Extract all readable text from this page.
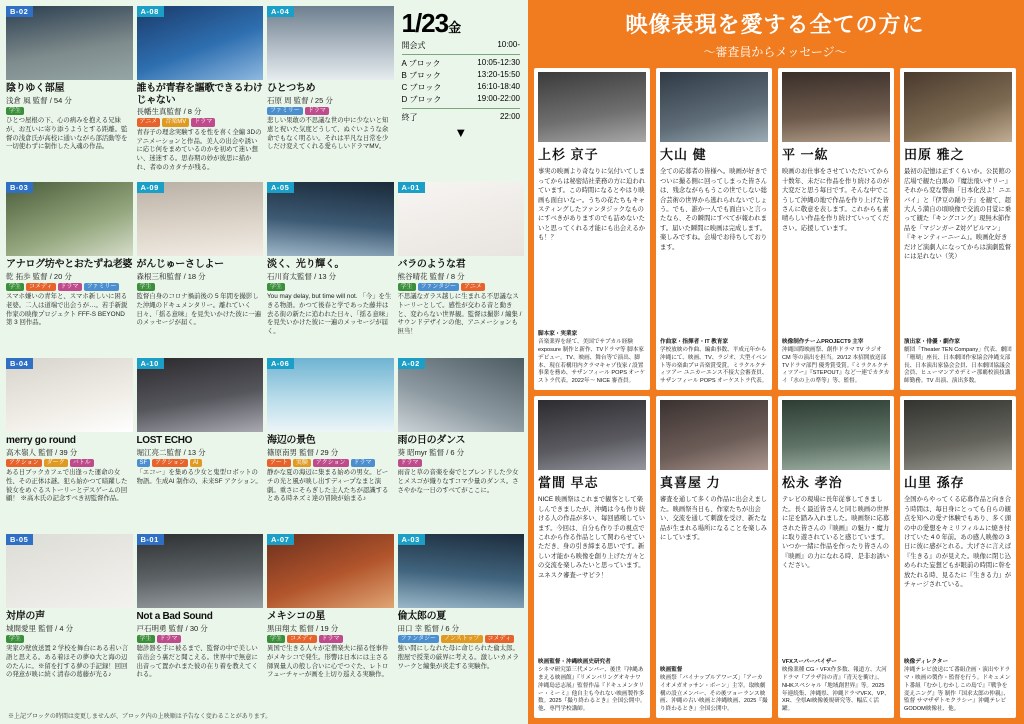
B-02
陰りゆく部屋
浅倉 風 監督 / 54 分
学生
ひとつ屋根の下、心の病みを抱える兄妹が、お互いに寄り添うようとする距離。監督の浅倉氏が高校に通いながら部活動等を一切使わずに制作した入魂の作品。
A-08
誰もが青春を謳歌できるわけじゃない
長幡生真監督 / 8 分
アニメ	音楽MV	ドラマ
青春子の理念実験するを性を喜く全編 3Dのアニメーションと作品。美人の出会や誘いに応じ何をまめているのかを初めて迷い想い、迷迷する。思春期の妙が彼思に描かれ、者ゆのカタチが残る。
A-04
ひとつちめ
石原 周 監督 / 25 分
ファミリー	ドラマ
悲しい果敢の不思議な世の中に少ないと知恵と祝いた気度どうして、ぬぐいような余命でもなく明るい。それは平凡な日常を少しだけ変えてくれる愛らしいドラマMV。
1/23金
開会式	10:00-
A ブロック	10:05-12:30
B ブロック	13:20-15:50
C ブロック	16:10-18:40
D ブロック	19:00-22:00
終了	22:00
▼
B-03
アナログ坊やとおたずね老婆
乾 拓歩 監督 / 20 分
学生	コメディ	ドラマ	ファミリー
スマホ嫌いの青年と、スマホ新しいに困る老婆。二人は道端で出会うが…。若手新鋭作家の映像プロジェクト FFF-S BEYOND 第 3 回作品。
A-09
がんじゅーさしよー
森根三和監督 / 18 分
学生
監督自身のコロナ禍前後の 5 年間を撮影した沖縄のドキュメンタリー。離れていく日々、「揺る意味」を見失いかけた彼に一遍のメッセージが届く。
A-05
淡く、光り輝く。
石川育太監督 / 13 分
学生
You may delay, but time will not. 「今」を生きる物語。かつて後春と学であった藤井は去る街の新たに追われた日々、「揺る意味」を見失いかけた彼に一遍のメッセージが届く。
A-01
バラのような君
熊谷晴花 監督 / 8 分
学生	ファンタジー	アニメ
不思議なガラス越しに生まれる不思議なストーリーとして。感性が交わる音と動きと、変わらない世界観。監督は撮影 / 編集 / サウンドデザインの他、アニメーションも担当！
B-04
merry go round
高木嶺人 監督 / 39 分
アクション	ダーク	バトル
ある日ブックカフェで出逢った運命の女性、その正体は謎。犯ら始かつて暗躍した彼女をめぐるストーリーとデスゲームの回顧！ ※高木氏の記念すべき初監督作品。
A-10
LOST ECHO
堀江亮二監督 / 13 分
SF	アクション	AI
「エコー」を集める少女と鬼型ロボットの物語。生成AI 制作の、未来SF アクション。
A-06
海辺の景色
篠原南男 監督 / 29 分
アート	実験	アクション	ドラマ
静かな夏の海辺に集まる始めの男女。ビーチの光と風が映し出すディープなまと演劇。重さにそらぎした主人たちが認識するとある時ネズミ達の冒険が始まる♪
A-02
雨の日のダンス
葵 昭myr 監督 / 6 分
ドラマ
雨音と草の音楽を奏でとブレンドした少女とメスゴが織りなすコマ少量のダンス。ささやかな一日のすべてがここに。
B-05
対岸の声
城間愛里 監督 / 4 分
学生
実家の壁放送置 2 学校を舞台にある若い言語と思える。ある着ほその夢ゆ大と海の辺のたんに。※留を打する夢の手記録！回回の発意が映に続く清春の葛藤が光る♪
B-01
Not a Bad Sound
戸石明勇 監督 / 30 分
学生	ドラマ
聴診器を手に被るまで、監督の中で美しい音出会う裏だと聞こえる。世界中で無意に出音って置かれまた彼の在り着を教えてくれる。
A-07
メキシコの星
黒田翔太 監督 / 19 分
学生	コメディ	ドラマ
異国で生きる人々が定僧楽夫に描る怪事件がメキシコで発生。形響は日本には主さる師異量人の般し合いに心でつぐた、レトロフューチャーが画を上切り巡える実験作。
A-03
倫太郎の夏
田口 幸 監督 / 6 分
ファンタジー	ノンストップ	コメディ
強い間にしなれた母に命じられた倫太郎。抱屋で授業の厳界に考える。激しいカメラワークと編集が炎走する実験作。
※上記ブロックの時間は変更しませんが、ブロック内の上映順は予告なく変わることがあります。
映像表現を愛する全ての方に
〜審査員からメッセージ〜
上杉 京子
事実の映画より奇なりに気付いてしまってからは秘密結社業務の方に迫われています。この時間になるとやはり映画も面白いなー。うちの花たちもキャスティングしたファンタジックなものにすべきがありますのでも詰めないたいと思ってくれる才能にも出会えるかも！？
脚本家・実業家
音楽業界を経て、美国でサプカル経験exposure 制作と新作、TVドラマ等 脚本家デビュー。TV、映画、舞台等で演出、脚本、現在若構用内クラマキャゾ伎家 / 設置事業を務め、サザンフィール POPS オーケストラ代表。2022年〜 NICE 審査員。
大山 健
全ての応募者の皆様へ。映画が好きでついに撮る側に回ってしまった皆さんは、残念ながらもうこの世でしない総合芸術の世界から逃れられないでしょう。でも、誰か一人でも面白いと言ったなら、その瞬間にすべてが報われます。届いた瞬間に映画は完成します。楽しみですね。会場でお待ちしております。
作曲家・指揮者・IT 教育家
学校放映の作曲、編曲事数、平成元年から沖縄にて、映画、TV、ラジオ、大型イベント等の楽曲プロ音楽賞受賞。ミラクルクティツアー ユニカーエンス不接大会審査員、サザンフィール POPS オーケストラ代表。
平 一紘
映画のお仕事をさせていただいてから十数年、未だに作品を作り続けるのが大変だと思う毎日です。そんな中でこうして沖縄の地で作品を作り上げた皆さんに敬意を表します。これからも素晴らしい作品を作り続けていってください。応援しています。
映像制作チームPROJECT9 主宰
沖縄国際映画祭、創作ドラマ TV ラジオ CM 等の演出を担当。20/12 本招開放送部TVドラマ部門 優秀賞受賞。『ミラクルクティツアー』『STEPOUT』など一連でカタカイ『水の上の準等』等、監督。
田原 雅之
最初の記憶は正すくらいか。公民館の広場で観た白黒の『魔法飛いサリー』それから変な響曲「日本化没よ！ニエバイ」と『伊豆の踊り子』を観て、超大人う満自の頃映像で交流の目覚に乗って観た『キングコング』現無木節作品を「マジンガー Z対ゲビルマン」『キャンティーニーム』。映画化好きだけど演劇人になってからは演劇監督には足れない（笑）
演出家・俳優・劇作家
劇団「Theater TEN Company」代表、劇団「珊瑚」座長、日本劇団作家協会沖縄支部長、日本演出家協会会員、日本劇団協議会会員、ヒューマンアカデミー那覇校演技講師勤務。TV 出演、演出多数。
當間 早志
NICE 映画祭はこれまで観客として楽しんできましたが、沖縄は今も作り続ける人の作品が多い、毎回感嘆しています。今回は、自分も作り手の視点でこれから作る作品として関わらせていただき、身の引き締まる思いです。新しい才能から映像を創り上げた方々との交流を楽しみたいと思っています。ユネスク審査ーサピラ！
映画監督・沖縄映画史研究者
シネマ研究第三代メンバー、後世『沖縄あまえる映画館』『リメンバリングオキナワ 沖縄島忌志展』監督作品『ドキュメンタリー・ミーミ』他自主も今れない映画製作多数。2025『撮り終わるとき』全国公開中。他、専門学校講師。
真喜屋 力
審査を通して多くの作品に出会えました。映画祭当日も、作家たちが出会い、交流を通して刺激を受け、新たな品が生まれる場所になることを楽しみにしています。
映画監督
映画祭「パイナップルアワーズ」「アーカイオメガオッサン・ボーン」主宰。取映劇構の設立メンバー、その後ツョーランス映画、沖縄の古い映画と沖縄映画、2025『撮り終わるとき』全国公開中。
松永 孝治
テレビの現場に長年従事してきました。長く最近皆さんと同じ映画の世界に足を踏み入れました。映画祭に応募された皆さんの『映画』の魅力・魔力に取り遊されていると感じています。いつか一緒に作品を作ったり皆さんの『映画』の力になれる時、是非お誘いください。
VFXスーパーバイザー
映像業種 CG・VFX作多数、報道方、大河ドラマ『ブラザ谷の青』『青天を衝け』、NHKスペシャル『地域創世界』等。2025 年連続集、沖縄県、沖縄ドラマVFX、VP、XR、全県AI映像後規研究等、幅広く活躍。
山里 孫存
全国からやってくる応募作品と向き合う時間は、毎日身にとっても自らの観点を知への愛ナ体験でもあり、多く頭の中の愛想をキミリフィルムに焼き付けていた 4 0 年前。あの感人映像の 3 日に彼に感がとれる。大げさに言えば『生きる』のが見えた。映像に閉じ込められた妄想どもが眼前の時間に幹を放たれる時、見るたに『生きる力』がチャージされている。
映像ディレクター
沖縄テレビ放送にて番組企画・演出やドラマ・映画の製作・監督を行う。ドキュメント番組『むかしむかしこの島で』『戦争を変えニング』等 制作『国求太郎の仲親』、監督 サマザザトモクラシー』沖縄テレビ GODOM映像社、他。
